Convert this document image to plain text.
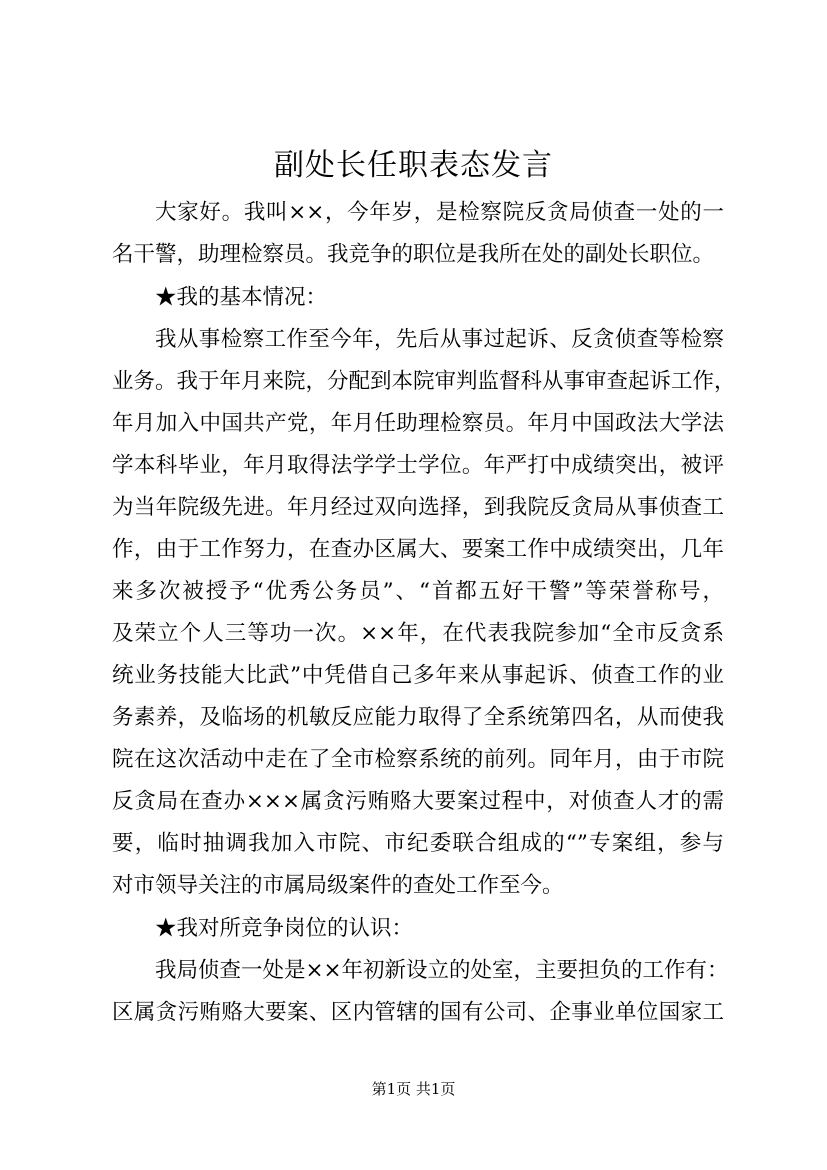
副处长任职表态发言

大家好。我叫××，今年岁，是检察院反贪局侦查一处的一

名干警，助理检察员。我竞争的职位是我所在处的副处长职位。

★我的基本情况：

我从事检察工作至今年，先后从事过起诉、反贪侦查等检察

业务。我于年月来院，分配到本院审判监督科从事审查起诉工作，

年月加入中国共产党，年月任助理检察员。年月中国政法大学法

学本科毕业，年月取得法学学士学位。年严打中成绩突出，被评

为当年院级先进。年月经过双向选择，到我院反贪局从事侦查工

作，由于工作努力，在查办区属大、要案工作中成绩突出，几年

来多次被授予“优秀公务员”、“首都五好干警”等荣誉称号，

及荣立个人三等功一次。××年，在代表我院参加“全市反贪系

统业务技能大比武”中凭借自己多年来从事起诉、侦查工作的业

务素养，及临场的机敏反应能力取得了全系统第四名，从而使我

院在这次活动中走在了全市检察系统的前列。同年月，由于市院

反贪局在查办×××属贪污贿赂大要案过程中，对侦查人才的需

要，临时抽调我加入市院、市纪委联合组成的“”专案组，参与

对市领导关注的市属局级案件的查处工作至今。

★我对所竞争岗位的认识：

我局侦查一处是××年初新设立的处室，主要担负的工作有：

区属贪污贿赂大要案、区内管辖的国有公司、企事业单位国家工

第1页 共1页
